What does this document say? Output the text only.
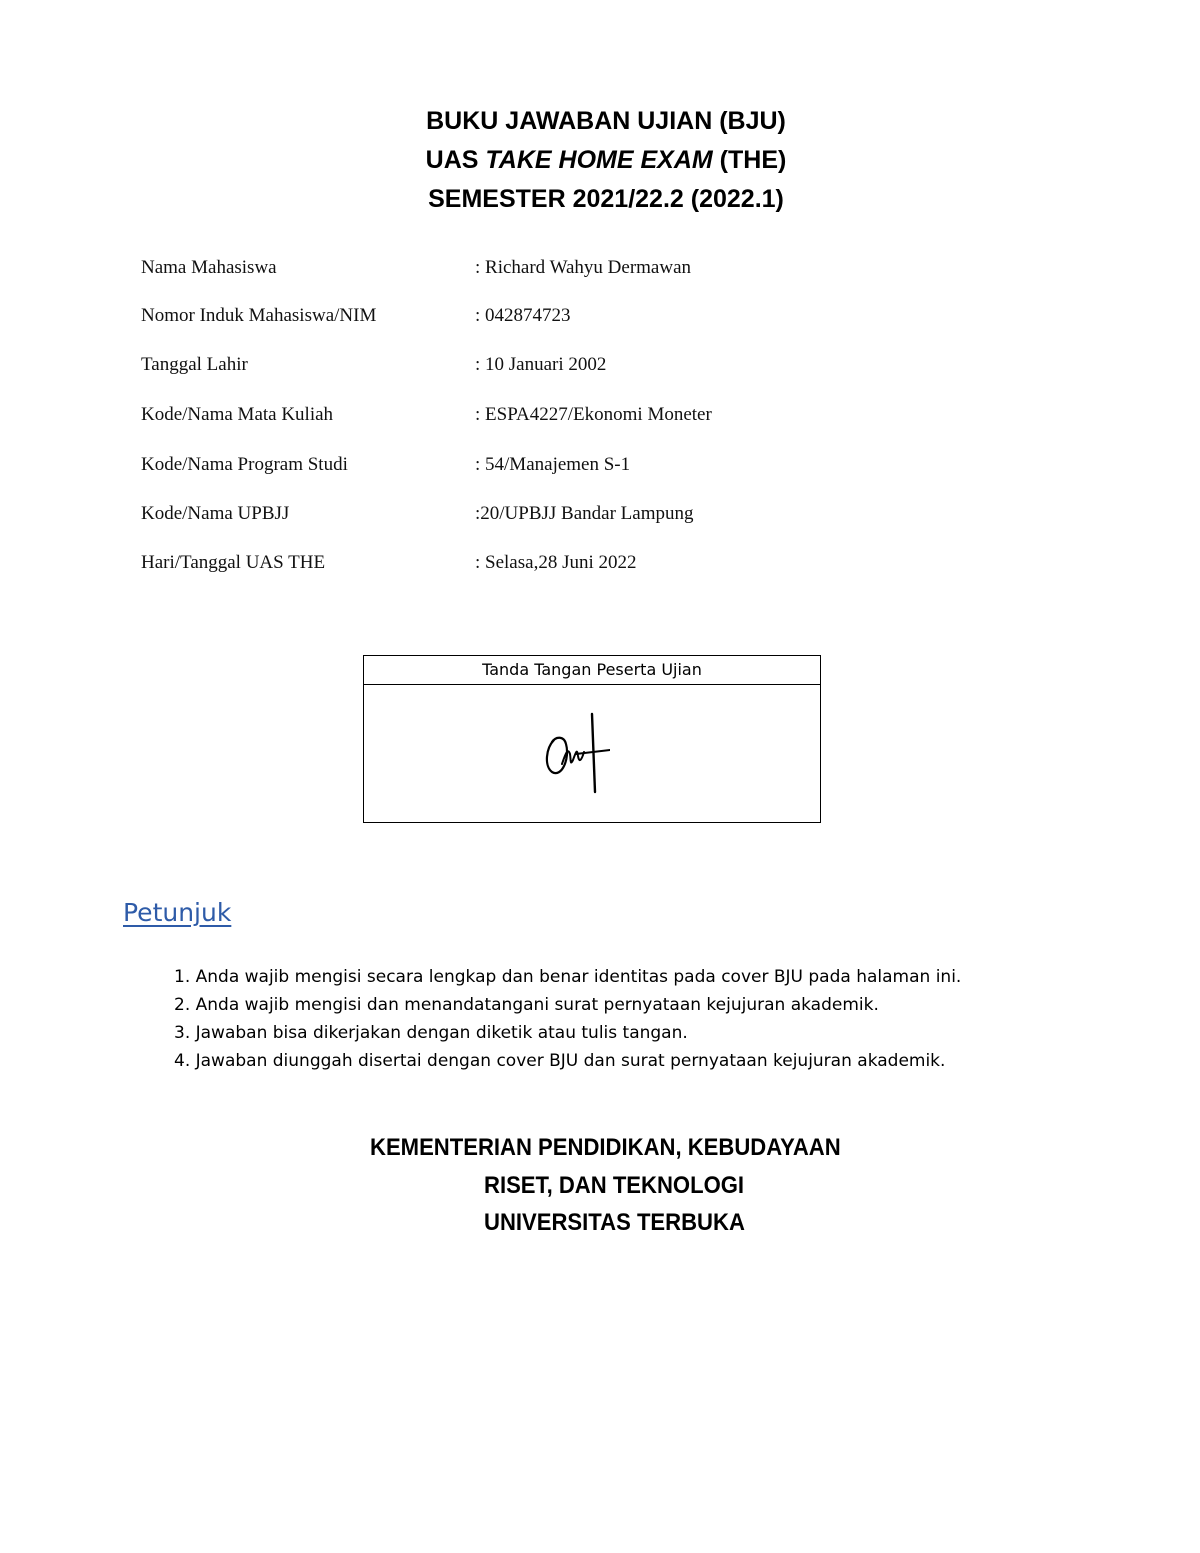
BUKU JAWABAN UJIAN (BJU)
UAS TAKE HOME EXAM (THE)
SEMESTER 2021/22.2 (2022.1)
Nama Mahasiswa	: Richard Wahyu Dermawan
Nomor Induk Mahasiswa/NIM	: 042874723
Tanggal Lahir	: 10 Januari 2002
Kode/Nama Mata Kuliah	: ESPA4227/Ekonomi Moneter
Kode/Nama Program Studi	: 54/Manajemen S-1
Kode/Nama UPBJJ	:20/UPBJJ Bandar Lampung
Hari/Tanggal UAS THE	: Selasa,28 Juni 2022
Tanda Tangan Peserta Ujian
Petunjuk
1. Anda wajib mengisi secara lengkap dan benar identitas pada cover BJU pada halaman ini.
2. Anda wajib mengisi dan menandatangani surat pernyataan kejujuran akademik.
3. Jawaban bisa dikerjakan dengan diketik atau tulis tangan.
4. Jawaban diunggah disertai dengan cover BJU dan surat pernyataan kejujuran akademik.
KEMENTERIAN PENDIDIKAN, KEBUDAYAAN
RISET, DAN TEKNOLOGI
UNIVERSITAS TERBUKA
